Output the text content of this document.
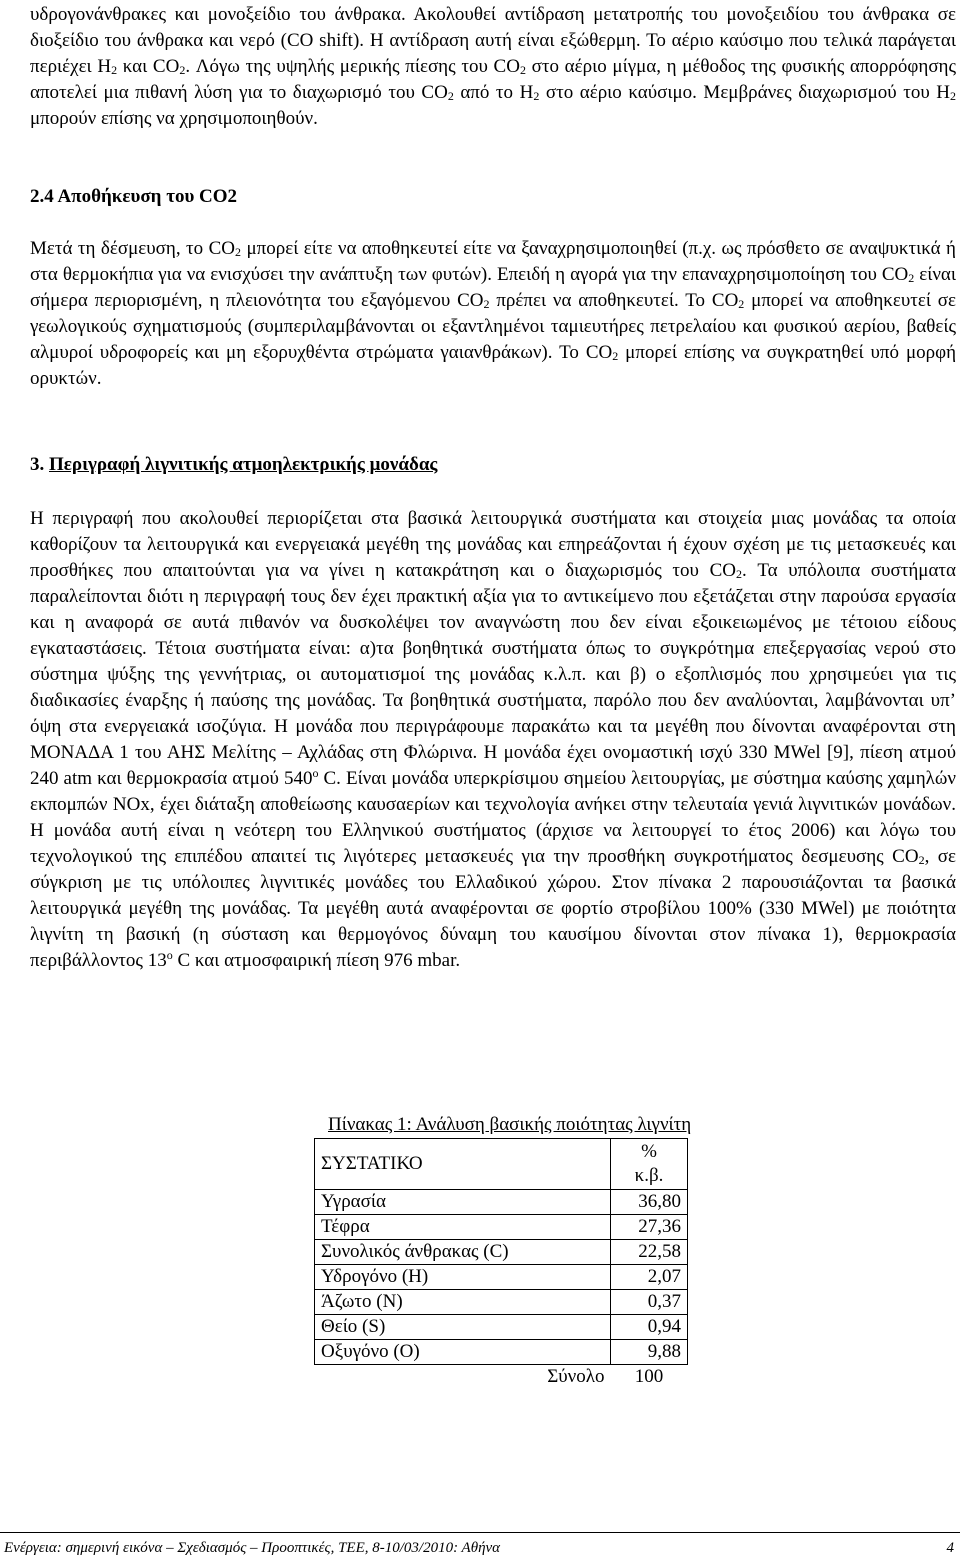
υδρογονάνθρακες και μονοξείδιο του άνθρακα. Ακολουθεί αντίδραση μετατροπής του μονοξειδίου του άνθρακα σε διοξείδιο του άνθρακα και νερό (CO shift). Η αντίδραση αυτή είναι εξώθερμη. Το αέριο καύσιμο που τελικά παράγεται περιέχει $H_2$ και $CO_2$. Λόγω της υψηλής μερικής πίεσης του $CO_2$ στο αέριο μίγμα, η μέθοδος της φυσικής απορρόφησης αποτελεί μια πιθανή λύση για το διαχωρισμό του $CO_2$ από το $H_2$ στο αέριο καύσιμο. Μεμβράνες διαχωρισμού του $H_2$ μπορούν επίσης να χρησιμοποιηθούν.

2.4 Αποθήκευση του CO2

Μετά τη δέσμευση, το $CO_2$ μπορεί είτε να αποθηκευτεί είτε να ξαναχρησιμοποιηθεί (π.χ. ως πρόσθετο σε αναψυκτικά ή στα θερμοκήπια για να ενισχύσει την ανάπτυξη των φυτών). Επειδή η αγορά για την επαναχρησιμοποίηση του $CO_2$ είναι σήμερα περιορισμένη, η πλειονότητα του εξαγόμενου $CO_2$ πρέπει να αποθηκευτεί. Το $CO_2$ μπορεί να αποθηκευτεί σε γεωλογικούς σχηματισμούς (συμπεριλαμβάνονται οι εξαντλημένοι ταμιευτήρες πετρελαίου και φυσικού αερίου, βαθείς αλμυροί υδροφορείς και μη εξορυχθέντα στρώματα γαιανθράκων). Το $CO_2$ μπορεί επίσης να συγκρατηθεί υπό μορφή ορυκτών.

3. Περιγραφή λιγνιτικής ατμοηλεκτρικής μονάδας

Η περιγραφή που ακολουθεί περιορίζεται στα βασικά λειτουργικά συστήματα και στοιχεία μιας μονάδας τα οποία καθορίζουν τα λειτουργικά και ενεργειακά μεγέθη της μονάδας και επηρεάζονται ή έχουν σχέση με τις μετασκευές και προσθήκες που απαιτούνται για να γίνει η κατακράτηση και ο διαχωρισμός του $CO_2$. Τα υπόλοιπα συστήματα παραλείπονται διότι η περιγραφή τους δεν έχει πρακτική αξία για το αντικείμενο που εξετάζεται στην παρούσα εργασία και η αναφορά σε αυτά πιθανόν να δυσκολέψει τον αναγνώστη που δεν είναι εξοικειωμένος με τέτοιου είδους εγκαταστάσεις. Τέτοια συστήματα είναι: α)τα βοηθητικά συστήματα όπως το συγκρότημα επεξεργασίας νερού στο σύστημα ψύξης της γεννήτριας, οι αυτοματισμοί της μονάδας κ.λ.π. και β) ο εξοπλισμός που χρησιμεύει για τις διαδικασίες έναρξης ή παύσης της μονάδας. Τα βοηθητικά συστήματα, παρόλο που δεν αναλύονται, λαμβάνονται υπ’ όψη στα ενεργειακά ισοζύγια. Η μονάδα που περιγράφουμε παρακάτω και τα μεγέθη που δίνονται αναφέρονται στη ΜΟΝΑΔΑ 1 του ΑΗΣ Μελίτης – Αχλάδας στη Φλώρινα. Η μονάδα έχει ονομαστική ισχύ 330 MWel [9], πίεση ατμού 240 atm και θερμοκρασία ατμού $540^o$ C. Είναι μονάδα υπερκρίσιμου σημείου λειτουργίας, με σύστημα καύσης χαμηλών εκπομπών NOx, έχει διάταξη αποθείωσης καυσαερίων και τεχνολογία ανήκει στην τελευταία γενιά λιγνιτικών μονάδων. Η μονάδα αυτή είναι η νεότερη του Ελληνικού συστήματος (άρχισε να λειτουργεί το έτος 2006) και λόγω του τεχνολογικού της επιπέδου απαιτεί τις λιγότερες μετασκευές για την προσθήκη συγκροτήματος δεσμευσης $CO_2$, σε σύγκριση με τις υπόλοιπες λιγνιτικές μονάδες του Ελλαδικού χώρου. Στον πίνακα 2 παρουσιάζονται τα βασικά λειτουργικά μεγέθη της μονάδας. Τα μεγέθη αυτά αναφέρονται σε φορτίο στροβίλου 100% (330 MWel) με ποιότητα λιγνίτη τη βασική (η σύσταση και θερμογόνος δύναμη του καυσίμου δίνονται στον πίνακα 1), θερμοκρασία περιβάλλοντος $13^o$ C και ατμοσφαιρική πίεση 976 mbar.

Πίνακας 1: Ανάλυση βασικής ποιότητας λιγνίτη

ΣΥΣΤΑΤΙΚΟ	%
κ.β.

Υγρασία	36,80
Τέφρα	27,36
Συνολικός άνθρακας (C)	22,58
Υδρογόνο (H)	2,07
Άζωτο (N)	0,37
Θείο (S)	0,94
Οξυγόνο (O)	9,88
Σύνολο	100
Ενέργεια: σημερινή εικόνα – Σχεδιασμός – Προοπτικές, ΤΕΕ, 8-10/03/2010: Αθήνα	4
